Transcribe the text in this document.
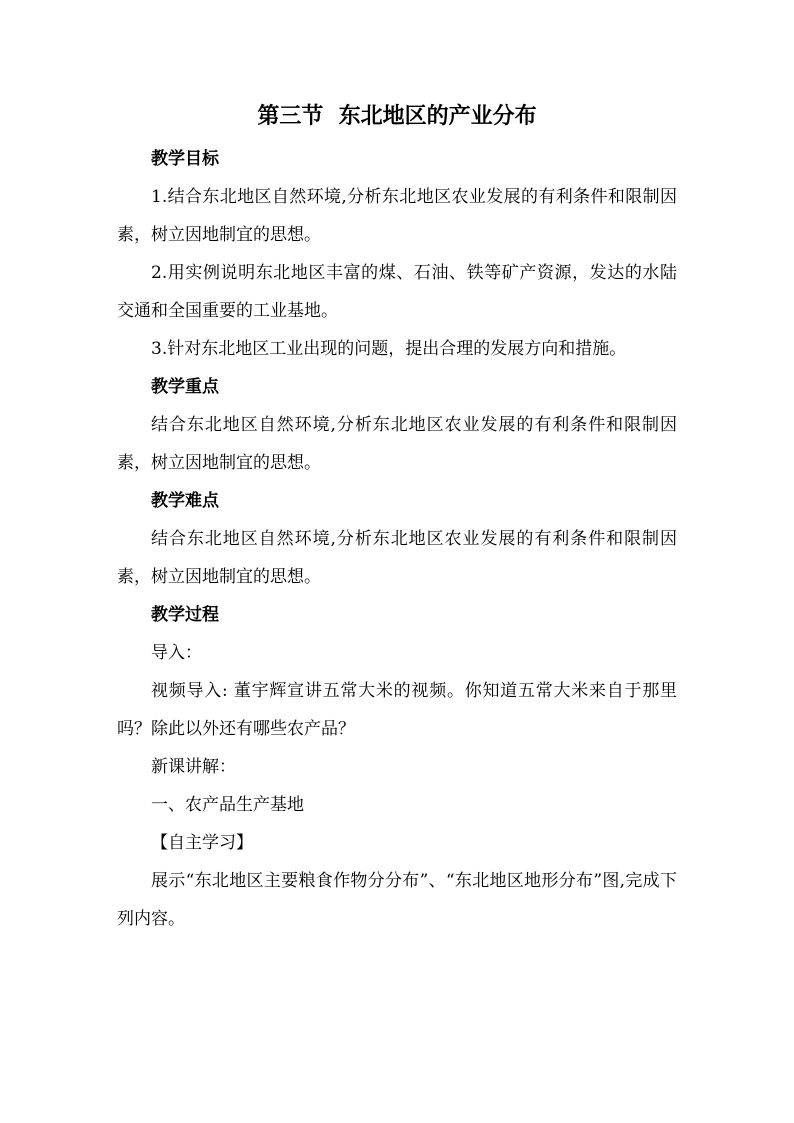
第三节  东北地区的产业分布

教学目标

1.结合东北地区自然环境,分析东北地区农业发展的有利条件和限制因素，树立因地制宜的思想。

2.用实例说明东北地区丰富的煤、石油、铁等矿产资源，发达的水陆交通和全国重要的工业基地。

3.针对东北地区工业出现的问题，提出合理的发展方向和措施。

教学重点

结合东北地区自然环境,分析东北地区农业发展的有利条件和限制因素，树立因地制宜的思想。

教学难点

结合东北地区自然环境,分析东北地区农业发展的有利条件和限制因素，树立因地制宜的思想。

教学过程

导入：

视频导入: 董宇辉宣讲五常大米的视频。你知道五常大米来自于那里吗？除此以外还有哪些农产品？

新课讲解：

一、农产品生产基地

【自主学习】

展示“东北地区主要粮食作物分分布”、“东北地区地形分布”图,完成下列内容。
